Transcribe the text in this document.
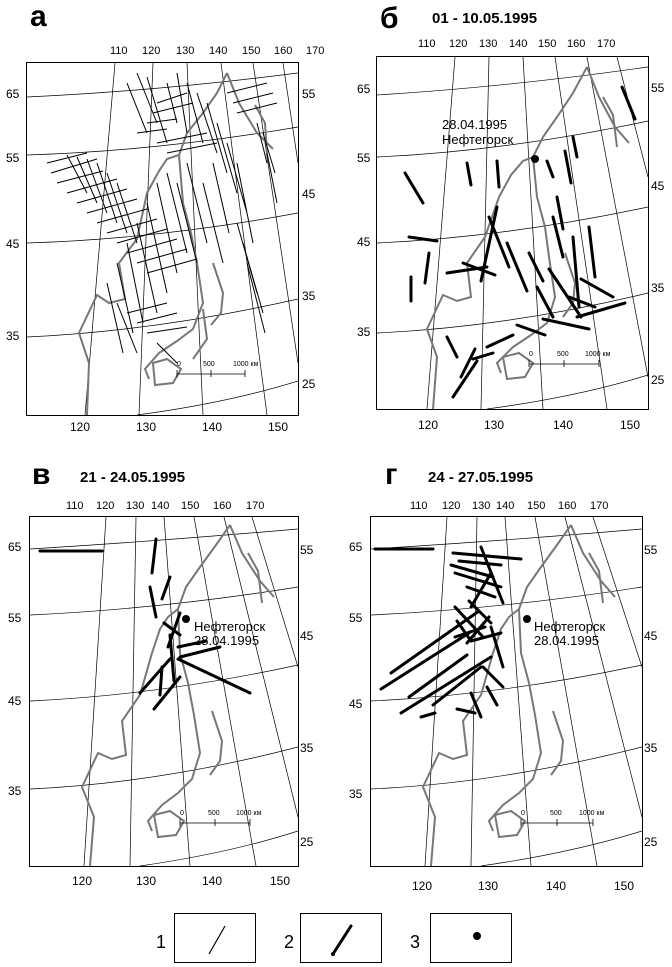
а
110 120 130 140 150 160 170
65
55
45
35
55
45
35
25
0	500	1000 км
120	130	140	150
б 01 - 10.05.1995
110 120 130 140 150 160 170
65
55
45
35
55
45
35
25
0	500 1000 км
28.04.1995
Нефтегорск
120	130	140	150
в 21 - 24.05.1995
110 120 130 140 150 160 170
65
55
45
35
55
45
35
25
0	500 1000 км
Нефтегорск
28.04.1995
120	130	140	150
г 24 - 27.05.1995
110 120 130 140 150 160 170
65
55
45
35
55
45
35
25
0	500 1000 км
Нефтегорск
28.04.1995
120	130	140	150
1	2	3
